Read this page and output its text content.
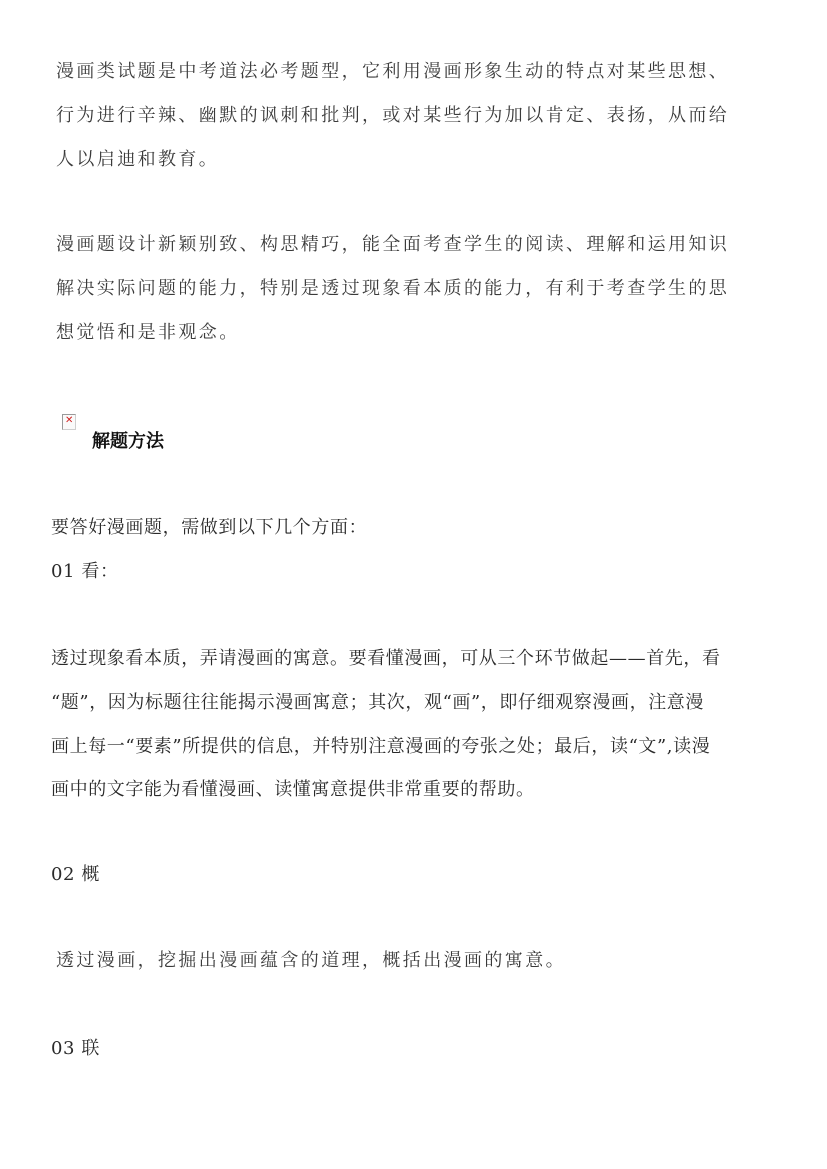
漫画类试题是中考道法必考题型，它利用漫画形象生动的特点对某些思想、
行为进行辛辣、幽默的讽刺和批判，或对某些行为加以肯定、表扬，从而给
人以启迪和教育。
漫画题设计新颖别致、构思精巧，能全面考查学生的阅读、理解和运用知识
解决实际问题的能力，特别是透过现象看本质的能力，有利于考查学生的思
想觉悟和是非观念。
✕
解题方法
要答好漫画题，需做到以下几个方面：
01 看：
透过现象看本质，弄请漫画的寓意。要看懂漫画，可从三个环节做起——首先，看
“题”，因为标题往往能揭示漫画寓意；其次，观“画”，即仔细观察漫画，注意漫
画上每一“要素”所提供的信息，并特别注意漫画的夸张之处；最后，读“文”,读漫
画中的文字能为看懂漫画、读懂寓意提供非常重要的帮助。
02 概
透过漫画，挖掘出漫画蕴含的道理，概括出漫画的寓意。
03 联
